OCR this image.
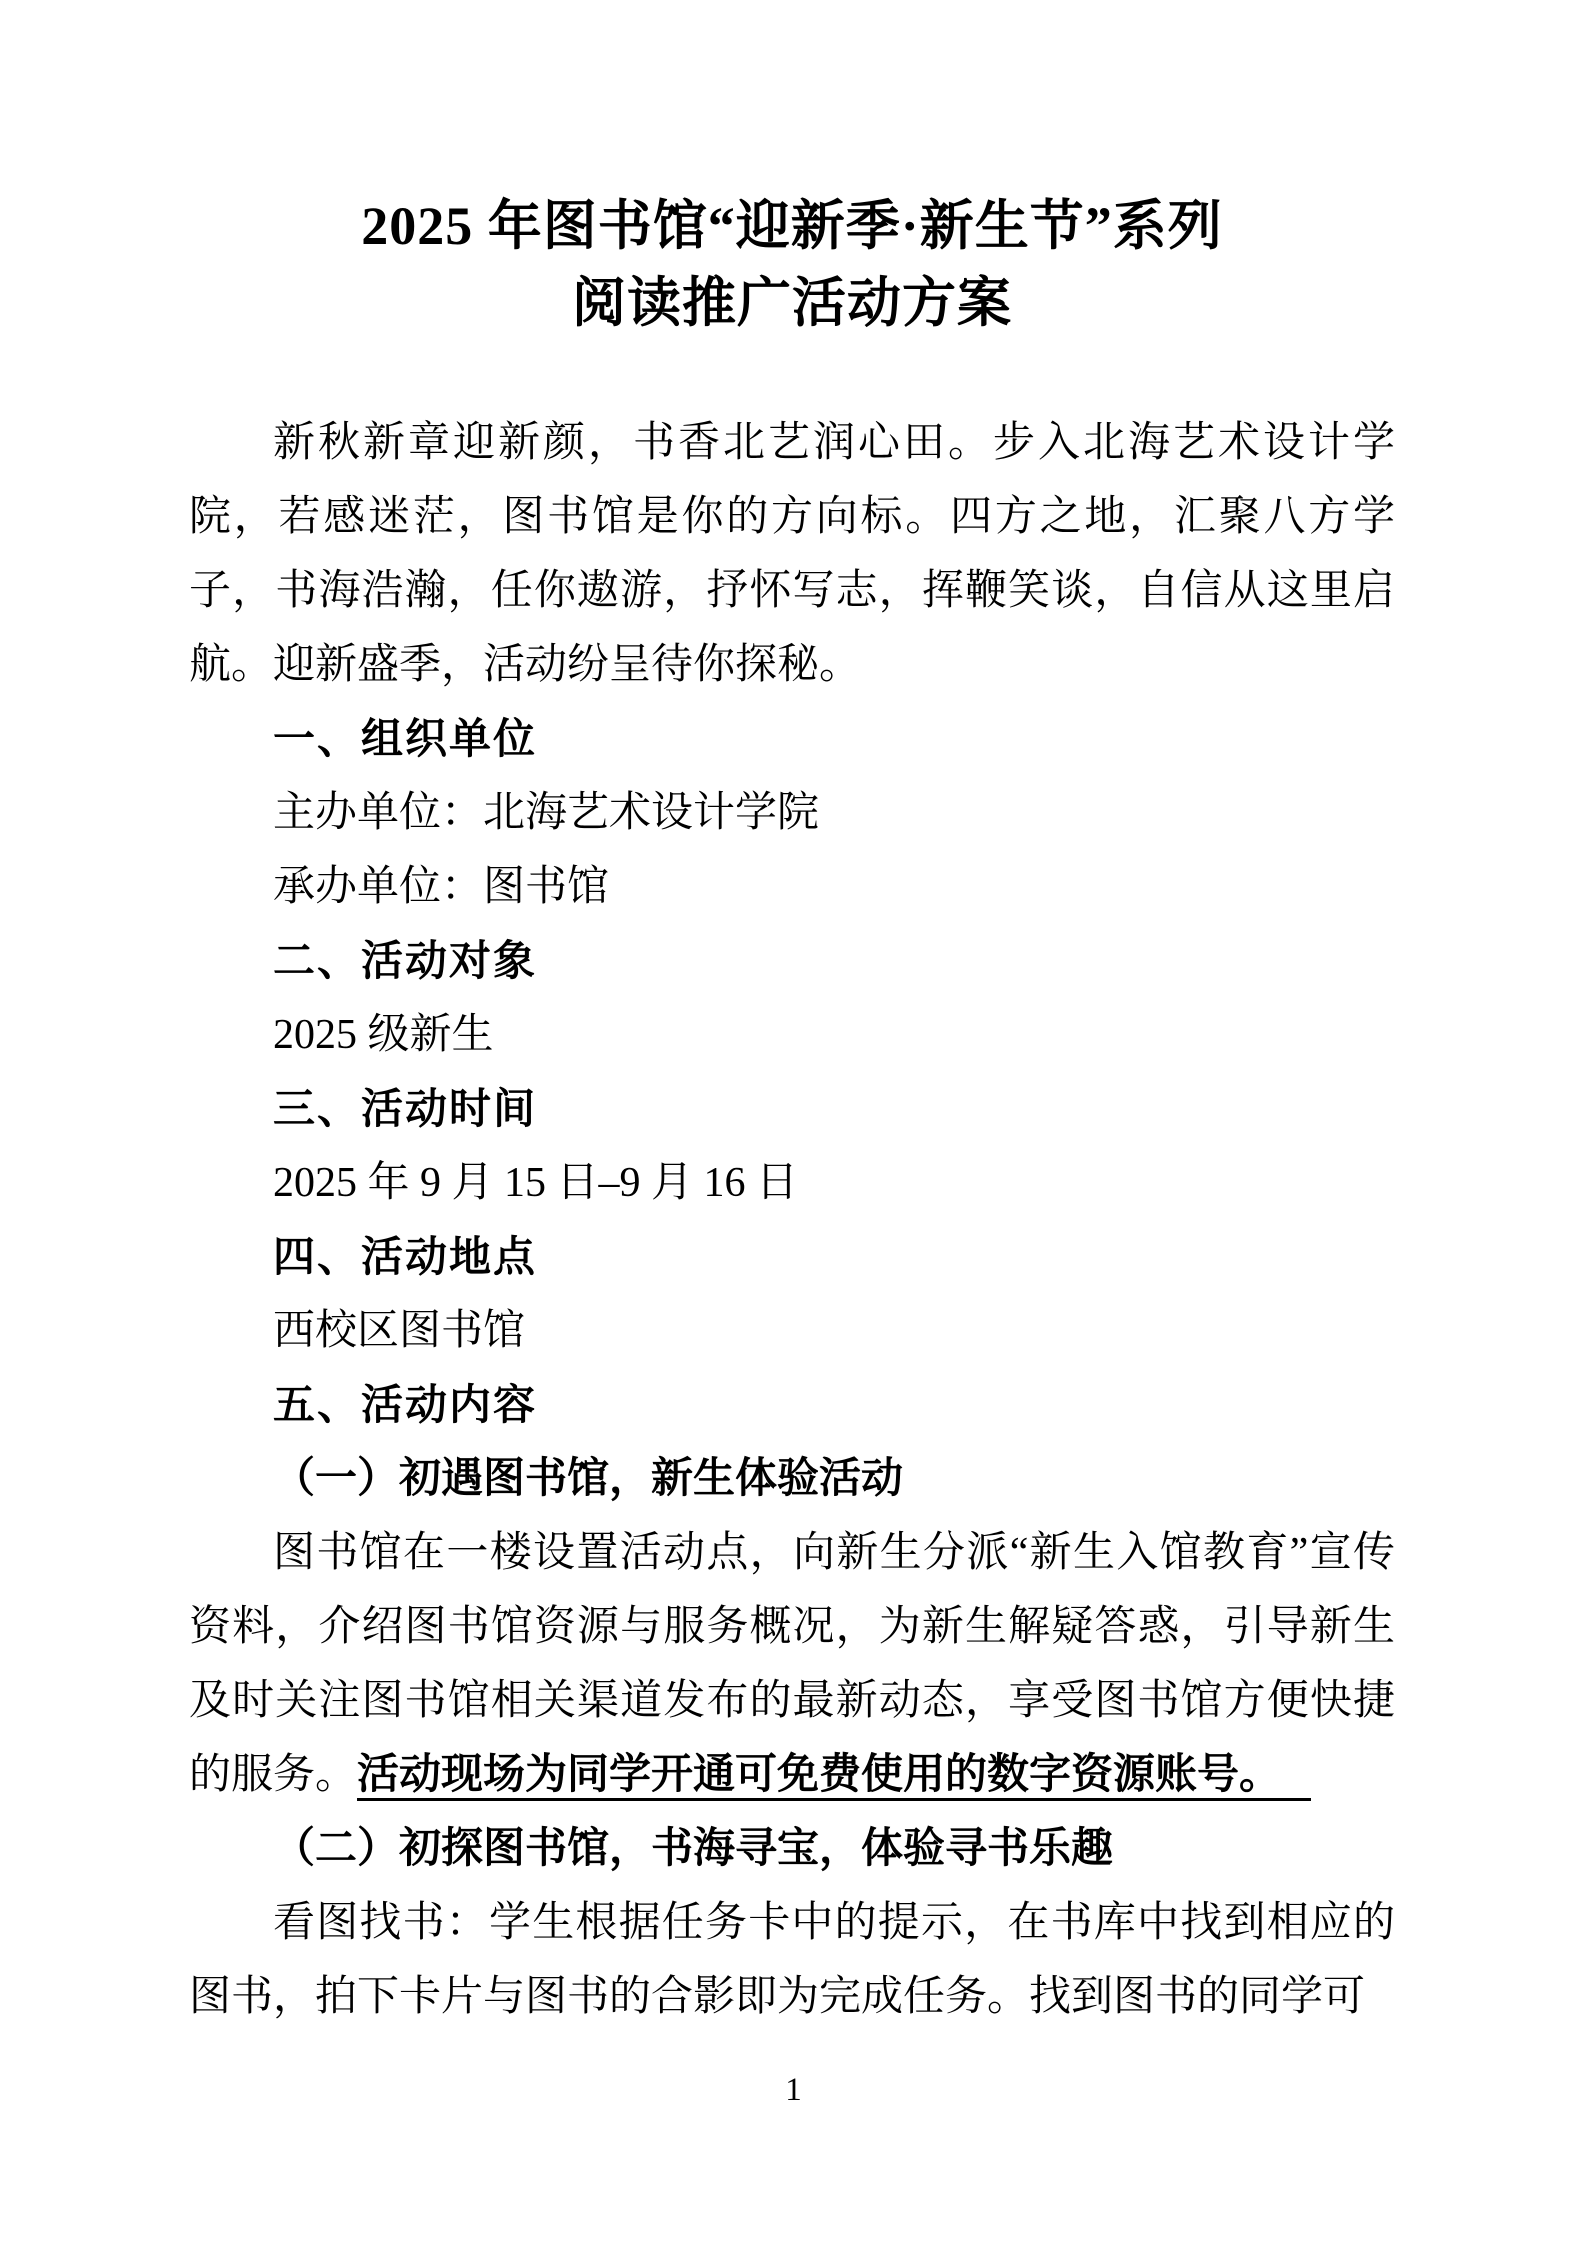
2025 年图书馆“迎新季·新生节”系列
阅读推广活动方案

新秋新章迎新颜，书香北艺润心田。步入北海艺术设计学院，若感迷茫，图书馆是你的方向标。四方之地，汇聚八方学子，书海浩瀚，任你遨游，抒怀写志，挥鞭笑谈，自信从这里启航。迎新盛季，活动纷呈待你探秘。

一、组织单位

主办单位：北海艺术设计学院

承办单位：图书馆

二、活动对象

2025 级新生

三、活动时间

2025 年 9 月 15 日–9 月 16 日

四、活动地点

西校区图书馆

五、活动内容

（一）初遇图书馆，新生体验活动

图书馆在一楼设置活动点，向新生分派“新生入馆教育”宣传资料，介绍图书馆资源与服务概况，为新生解疑答惑，引导新生及时关注图书馆相关渠道发布的最新动态，享受图书馆方便快捷的服务。活动现场为同学开通可免费使用的数字资源账号。

（二）初探图书馆，书海寻宝，体验寻书乐趣

看图找书：学生根据任务卡中的提示，在书库中找到相应的图书，拍下卡片与图书的合影即为完成任务。找到图书的同学可

1
